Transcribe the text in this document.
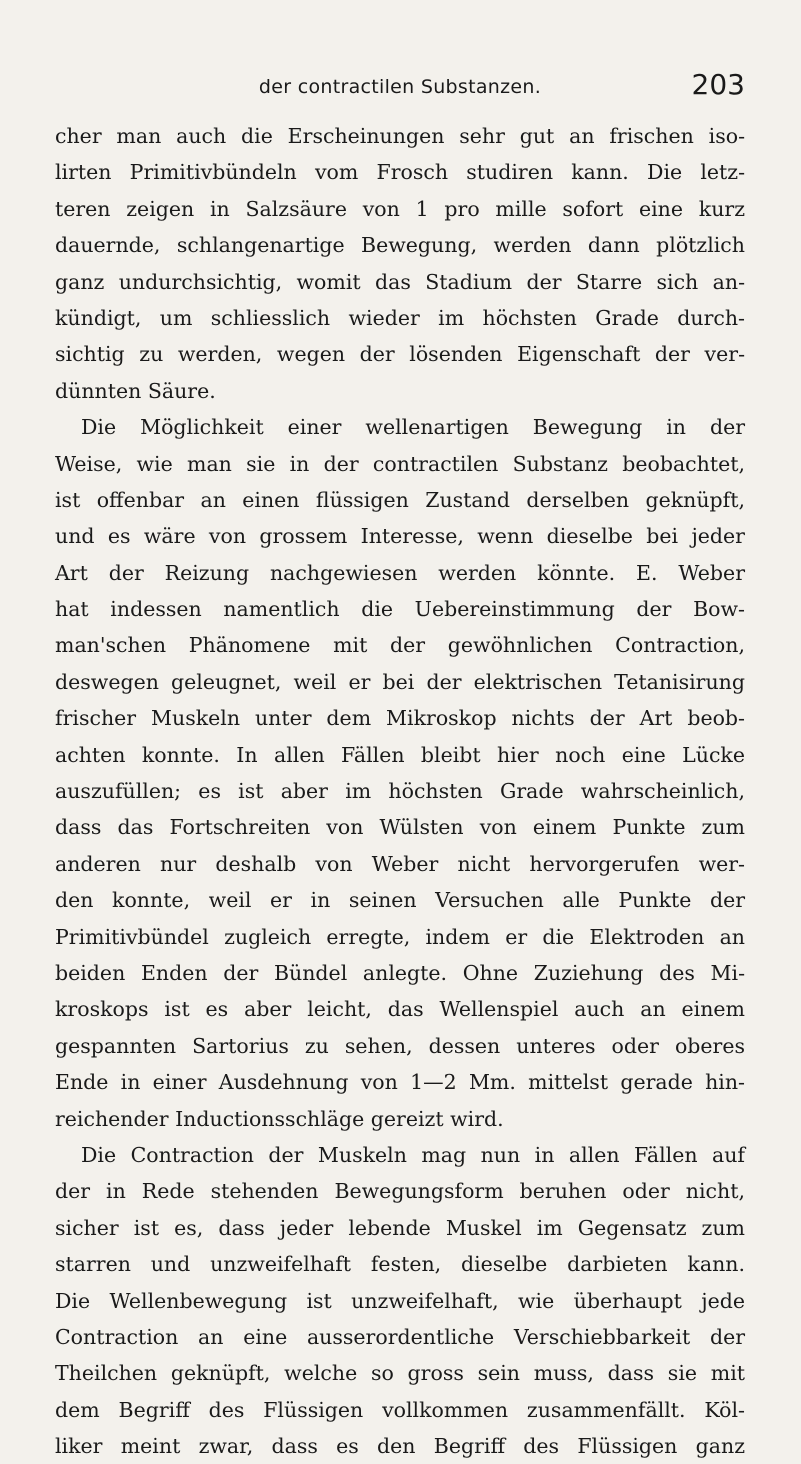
der contractilen Substanzen.	203
cher man auch die Erscheinungen sehr gut an frischen iso-
lirten Primitivbündeln vom Frosch studiren kann. Die letz-
teren zeigen in Salzsäure von 1 pro mille sofort eine kurz
dauernde, schlangenartige Bewegung, werden dann plötzlich
ganz undurchsichtig, womit das Stadium der Starre sich an-
kündigt, um schliesslich wieder im höchsten Grade durch-
sichtig zu werden, wegen der lösenden Eigenschaft der ver-
dünnten Säure.
Die Möglichkeit einer wellenartigen Bewegung in der
Weise, wie man sie in der contractilen Substanz beobachtet,
ist offenbar an einen flüssigen Zustand derselben geknüpft,
und es wäre von grossem Interesse, wenn dieselbe bei jeder
Art der Reizung nachgewiesen werden könnte. E. Weber
hat indessen namentlich die Uebereinstimmung der Bow-
man'schen Phänomene mit der gewöhnlichen Contraction,
deswegen geleugnet, weil er bei der elektrischen Tetanisirung
frischer Muskeln unter dem Mikroskop nichts der Art beob-
achten konnte. In allen Fällen bleibt hier noch eine Lücke
auszufüllen; es ist aber im höchsten Grade wahrscheinlich,
dass das Fortschreiten von Wülsten von einem Punkte zum
anderen nur deshalb von Weber nicht hervorgerufen wer-
den konnte, weil er in seinen Versuchen alle Punkte der
Primitivbündel zugleich erregte, indem er die Elektroden an
beiden Enden der Bündel anlegte. Ohne Zuziehung des Mi-
kroskops ist es aber leicht, das Wellenspiel auch an einem
gespannten Sartorius zu sehen, dessen unteres oder oberes
Ende in einer Ausdehnung von 1—2 Mm. mittelst gerade hin-
reichender Inductionsschläge gereizt wird.
Die Contraction der Muskeln mag nun in allen Fällen auf
der in Rede stehenden Bewegungsform beruhen oder nicht,
sicher ist es, dass jeder lebende Muskel im Gegensatz zum
starren und unzweifelhaft festen, dieselbe darbieten kann.
Die Wellenbewegung ist unzweifelhaft, wie überhaupt jede
Contraction an eine ausserordentliche Verschiebbarkeit der
Theilchen geknüpft, welche so gross sein muss, dass sie mit
dem Begriff des Flüssigen vollkommen zusammenfällt. Köl-
liker meint zwar, dass es den Begriff des Flüssigen ganz
